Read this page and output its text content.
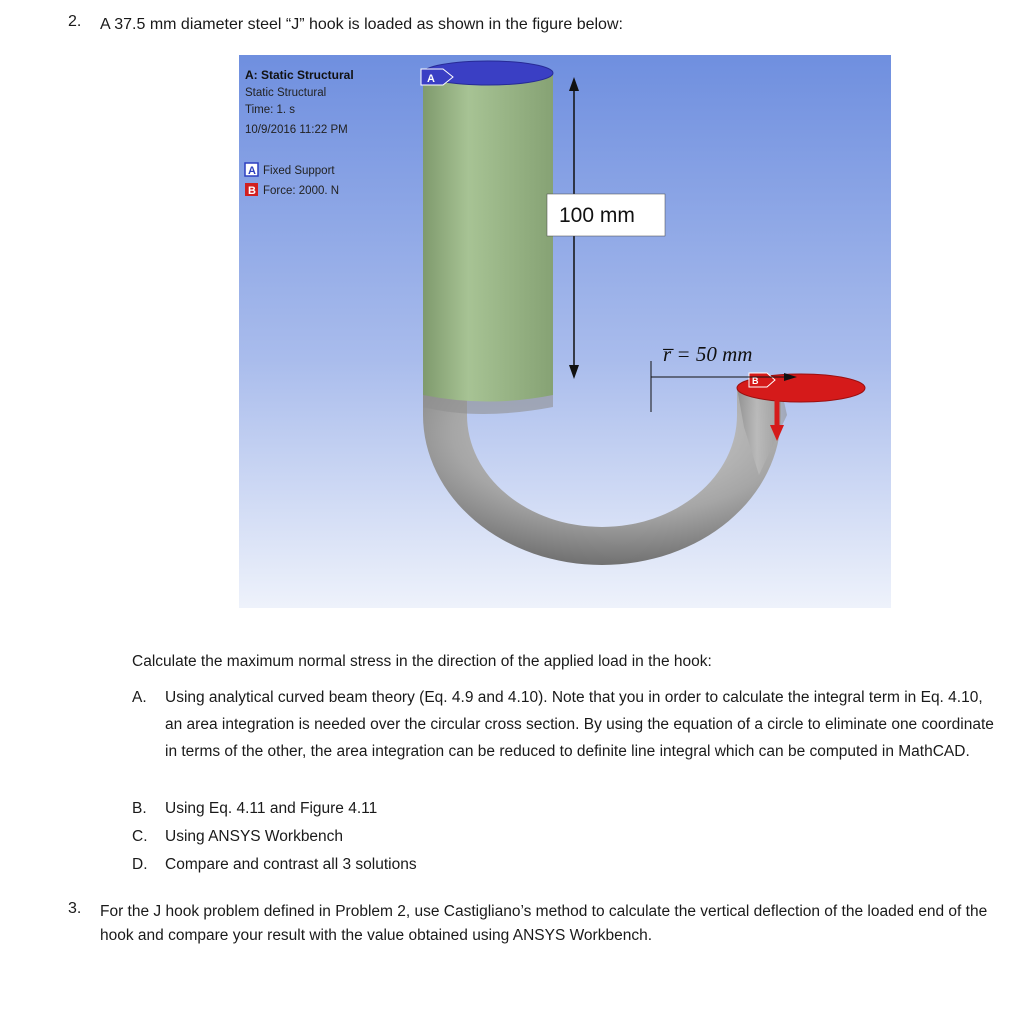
2. A 37.5 mm diameter steel “J” hook is loaded as shown in the figure below:
A: Static Structural
Static Structural
Time: 1. s
10/9/2016 11:22 PM
A Fixed Support
B Force: 2000. N
A
B
100 mm
r̅ = 50 mm
Calculate the maximum normal stress in the direction of the applied load in the hook:
A.	Using analytical curved beam theory (Eq. 4.9 and 4.10). Note that you in order to calculate the integral term in Eq. 4.10, an area integration is needed over the circular cross section. By using the equation of a circle to eliminate one coordinate in terms of the other, the area integration can be reduced to definite line integral which can be computed in MathCAD.
B.	Using Eq. 4.11 and Figure 4.11
C.	Using ANSYS Workbench
D.	Compare and contrast all 3 solutions
3. For the J hook problem defined in Problem 2, use Castigliano’s method to calculate the vertical deflection of the loaded end of the hook and compare your result with the value obtained using ANSYS Workbench.
